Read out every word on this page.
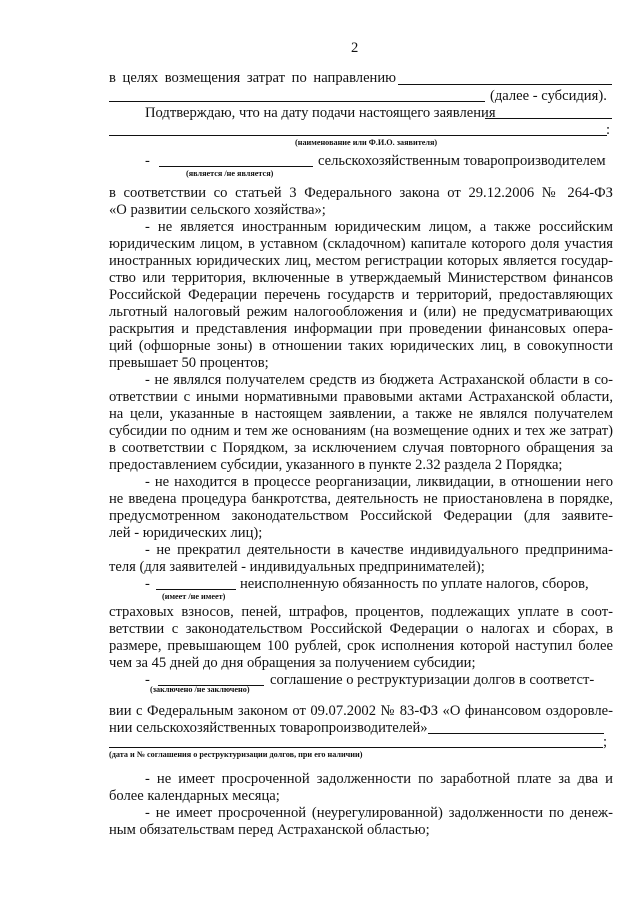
2
в целях возмещения затрат по направлению
(далее - субсидия).
Подтверждаю, что на дату подачи настоящего заявления
:
(наименование или Ф.И.О. заявителя)
-	сельскохозяйственным товаропроизводителем
(является /не является)
в соответствии со статьей 3 Федерального закона от 29.12.2006 № 264-ФЗ
«О развитии сельского хозяйства»;
- не является иностранным юридическим лицом, а также российским
юридическим лицом, в уставном (складочном) капитале которого доля участия
иностранных юридических лиц, местом регистрации которых является государ-
ство или территория, включенные в утверждаемый Министерством финансов
Российской Федерации перечень государств и территорий, предоставляющих
льготный налоговый режим налогообложения и (или) не предусматривающих
раскрытия и представления информации при проведении финансовых опера-
ций (офшорные зоны) в отношении таких юридических лиц, в совокупности
превышает 50 процентов;
- не являлся получателем средств из бюджета Астраханской области в со-
ответствии с иными нормативными правовыми актами Астраханской области,
на цели, указанные в настоящем заявлении, а также не являлся получателем
субсидии по одним и тем же основаниям (на возмещение одних и тех же затрат)
в соответствии с Порядком, за исключением случая повторного обращения за
предоставлением субсидии, указанного в пункте 2.32 раздела 2 Порядка;
- не находится в процессе реорганизации, ликвидации, в отношении него
не введена процедура банкротства, деятельность не приостановлена в порядке,
предусмотренном законодательством Российской Федерации (для заявите-
лей - юридических лиц);
- не прекратил деятельности в качестве индивидуального предпринима-
теля (для заявителей - индивидуальных предпринимателей);
-	неисполненную обязанность по уплате налогов, сборов,
(имеет /не имеет)
страховых взносов, пеней, штрафов, процентов, подлежащих уплате в соот-
ветствии с законодательством Российской Федерации о налогах и сборах, в
размере, превышающем 100 рублей, срок исполнения которой наступил более
чем за 45 дней до дня обращения за получением субсидии;
-	соглашение о реструктуризации долгов в соответст-
(заключено /не заключено)
вии с Федеральным законом от 09.07.2002 № 83-ФЗ «О финансовом оздоровле-
нии сельскохозяйственных товаропроизводителей»
;
(дата и № соглашения о реструктуризации долгов, при его наличии)
- не имеет просроченной задолженности по заработной плате за два и
более календарных месяца;
- не имеет просроченной (неурегулированной) задолженности по денеж-
ным обязательствам перед Астраханской областью;
